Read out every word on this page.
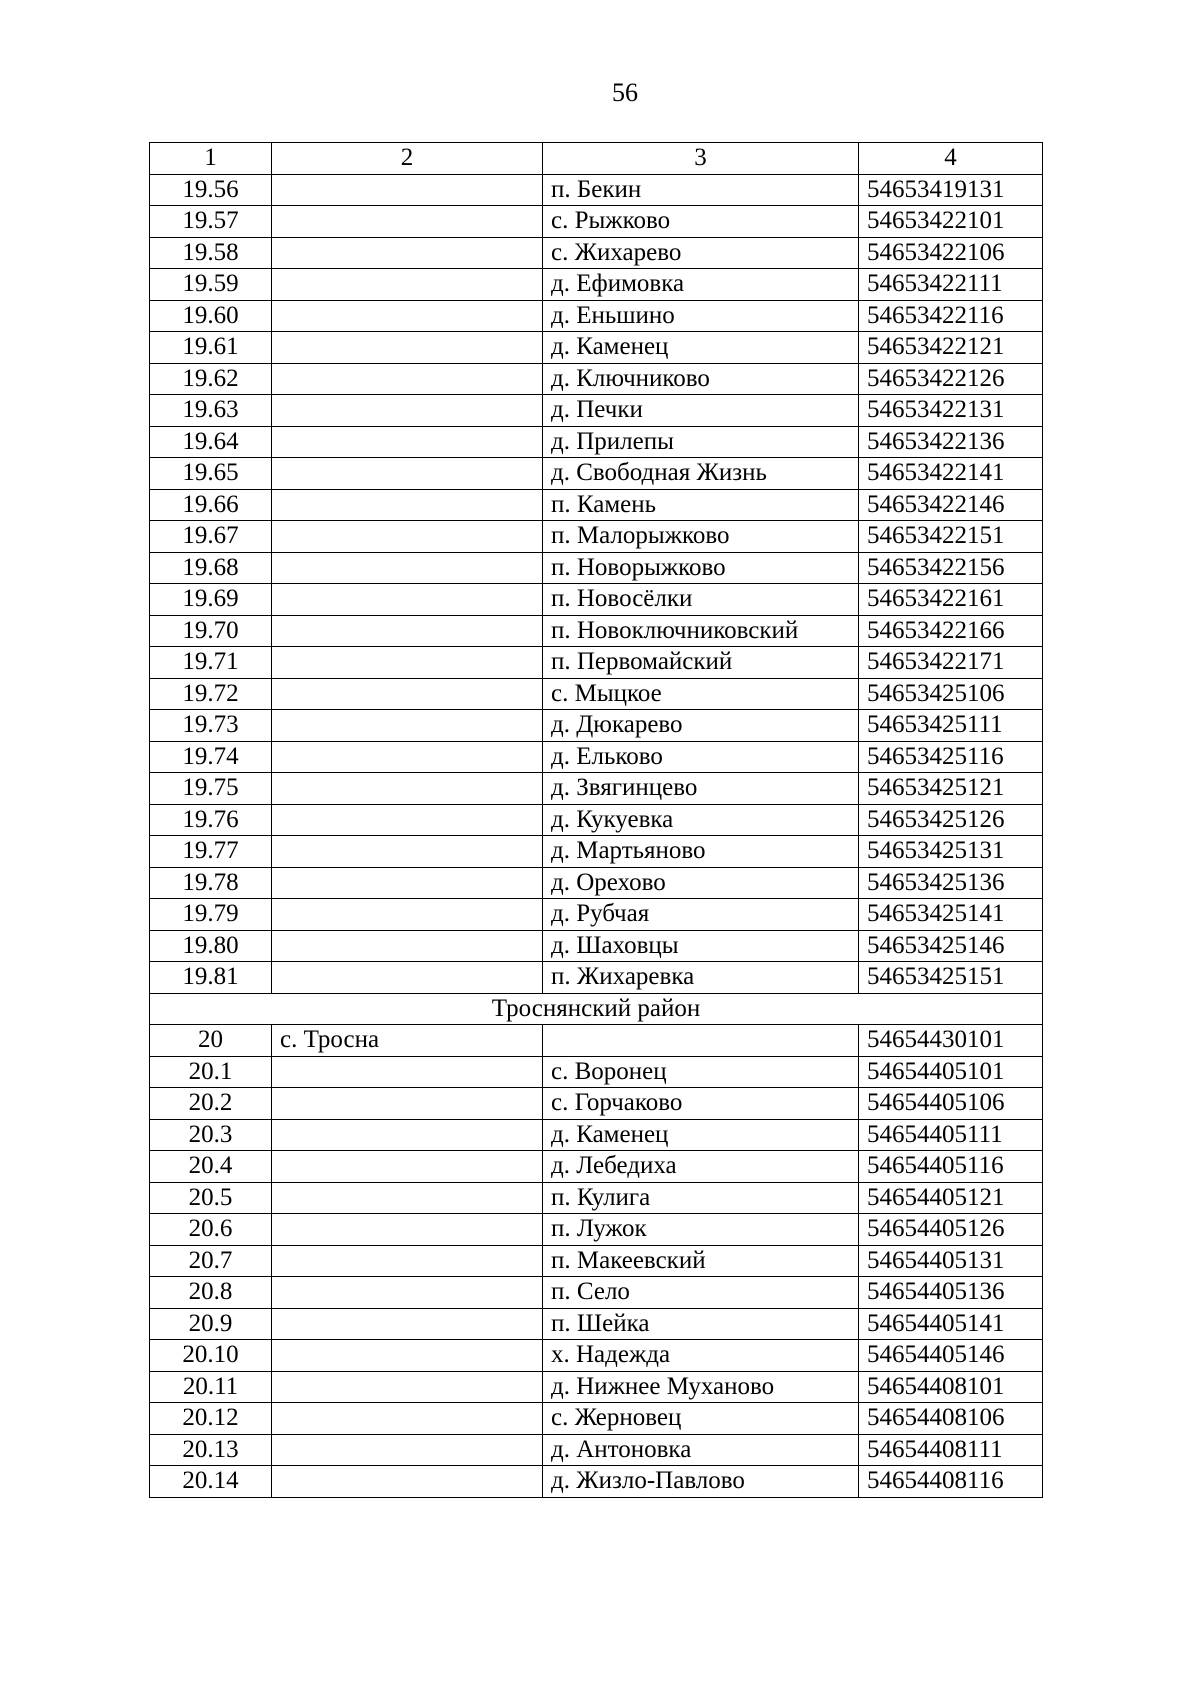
56
1	2	3	4
19.56		п. Бекин	54653419131
19.57		с. Рыжково	54653422101
19.58		с. Жихарево	54653422106
19.59		д. Ефимовка	54653422111
19.60		д. Еньшино	54653422116
19.61		д. Каменец	54653422121
19.62		д. Ключниково	54653422126
19.63		д. Печки	54653422131
19.64		д. Прилепы	54653422136
19.65		д. Свободная Жизнь	54653422141
19.66		п. Камень	54653422146
19.67		п. Малорыжково	54653422151
19.68		п. Новорыжково	54653422156
19.69		п. Новосёлки	54653422161
19.70		п. Новоключниковский	54653422166
19.71		п. Первомайский	54653422171
19.72		с. Мыцкое	54653425106
19.73		д. Дюкарево	54653425111
19.74		д. Ельково	54653425116
19.75		д. Звягинцево	54653425121
19.76		д. Кукуевка	54653425126
19.77		д. Мартьяново	54653425131
19.78		д. Орехово	54653425136
19.79		д. Рубчая	54653425141
19.80		д. Шаховцы	54653425146
19.81		п. Жихаревка	54653425151
Троснянский район			
20	с. Тросна		54654430101
20.1		с. Воронец	54654405101
20.2		с. Горчаково	54654405106
20.3		д. Каменец	54654405111
20.4		д. Лебедиха	54654405116
20.5		п. Кулига	54654405121
20.6		п. Лужок	54654405126
20.7		п. Макеевский	54654405131
20.8		п. Село	54654405136
20.9		п. Шейка	54654405141
20.10		х. Надежда	54654405146
20.11		д. Нижнее Муханово	54654408101
20.12		с. Жерновец	54654408106
20.13		д. Антоновка	54654408111
20.14		д. Жизло-Павлово	54654408116
